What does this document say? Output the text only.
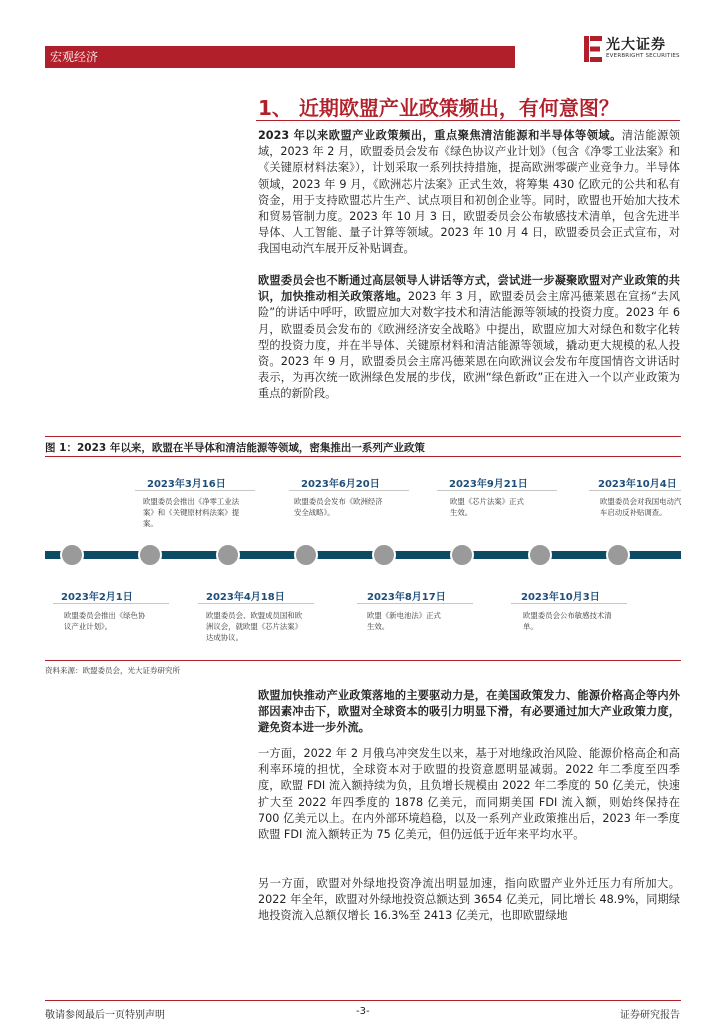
宏观经济
光大证券
EVERBRIGHT SECURITIES
1、 近期欧盟产业政策频出，有何意图？
2023 年以来欧盟产业政策频出，重点聚焦清洁能源和半导体等领域。清洁能源领域，2023 年 2 月，欧盟委员会发布《绿色协议产业计划》（包含《净零工业法案》和《关键原材料法案》），计划采取一系列扶持措施，提高欧洲零碳产业竞争力。半导体领域，2023 年 9 月，《欧洲芯片法案》正式生效，将筹集 430 亿欧元的公共和私有资金，用于支持欧盟芯片生产、试点项目和初创企业等。同时，欧盟也开始加大技术和贸易管制力度。2023 年 10 月 3 日，欧盟委员会公布敏感技术清单，包含先进半导体、人工智能、量子计算等领域。2023 年 10 月 4 日，欧盟委员会正式宣布，对我国电动汽车展开反补贴调查。
欧盟委员会也不断通过高层领导人讲话等方式，尝试进一步凝聚欧盟对产业政策的共识，加快推动相关政策落地。2023 年 3 月，欧盟委员会主席冯德莱恩在宣扬“去风险”的讲话中呼吁，欧盟应加大对数字技术和清洁能源等领域的投资力度。2023 年 6 月，欧盟委员会发布的《欧洲经济安全战略》中提出，欧盟应加大对绿色和数字化转型的投资力度，并在半导体、关键原材料和清洁能源等领域，撬动更大规模的私人投资。2023 年 9 月，欧盟委员会主席冯德莱恩在向欧洲议会发布年度国情咨文讲话时表示，为再次统一欧洲绿色发展的步伐，欧洲“绿色新政”正在进入一个以产业政策为重点的新阶段。
图 1：2023 年以来，欧盟在半导体和清洁能源等领域，密集推出一系列产业政策
2023年3月16日
欧盟委员会推出《净零工业法案》和《关键原材料法案》提案。
2023年6月20日
欧盟委员会发布《欧洲经济安全战略》。
2023年9月21日
欧盟《芯片法案》正式生效。
2023年10月4日
欧盟委员会对我国电动汽车启动反补贴调查。
2023年2月1日
欧盟委员会推出《绿色协议产业计划》。
2023年4月18日
欧盟委员会、欧盟成员国和欧洲议会，就欧盟《芯片法案》达成协议。
2023年8月17日
欧盟《新电池法》正式生效。
2023年10月3日
欧盟委员会公布敏感技术清单。
资料来源：欧盟委员会，光大证券研究所
欧盟加快推动产业政策落地的主要驱动力是，在美国政策发力、能源价格高企等内外部因素冲击下，欧盟对全球资本的吸引力明显下滑，有必要通过加大产业政策力度，避免资本进一步外流。
一方面，2022 年 2 月俄乌冲突发生以来，基于对地缘政治风险、能源价格高企和高利率环境的担忧，全球资本对于欧盟的投资意愿明显减弱。2022 年二季度至四季度，欧盟 FDI 流入额持续为负，且负增长规模由 2022 年二季度的 50 亿美元，快速扩大至 2022 年四季度的 1878 亿美元，而同期美国 FDI 流入额，则始终保持在 700 亿美元以上。在内外部环境趋稳，以及一系列产业政策推出后，2023 年一季度欧盟 FDI 流入额转正为 75 亿美元，但仍远低于近年来平均水平。
另一方面，欧盟对外绿地投资净流出明显加速，指向欧盟产业外迁压力有所加大。2022 年全年，欧盟对外绿地投资总额达到 3654 亿美元，同比增长 48.9%，同期绿地投资流入总额仅增长 16.3%至 2413 亿美元，也即欧盟绿地
敬请参阅最后一页特别声明	-3-	证券研究报告
